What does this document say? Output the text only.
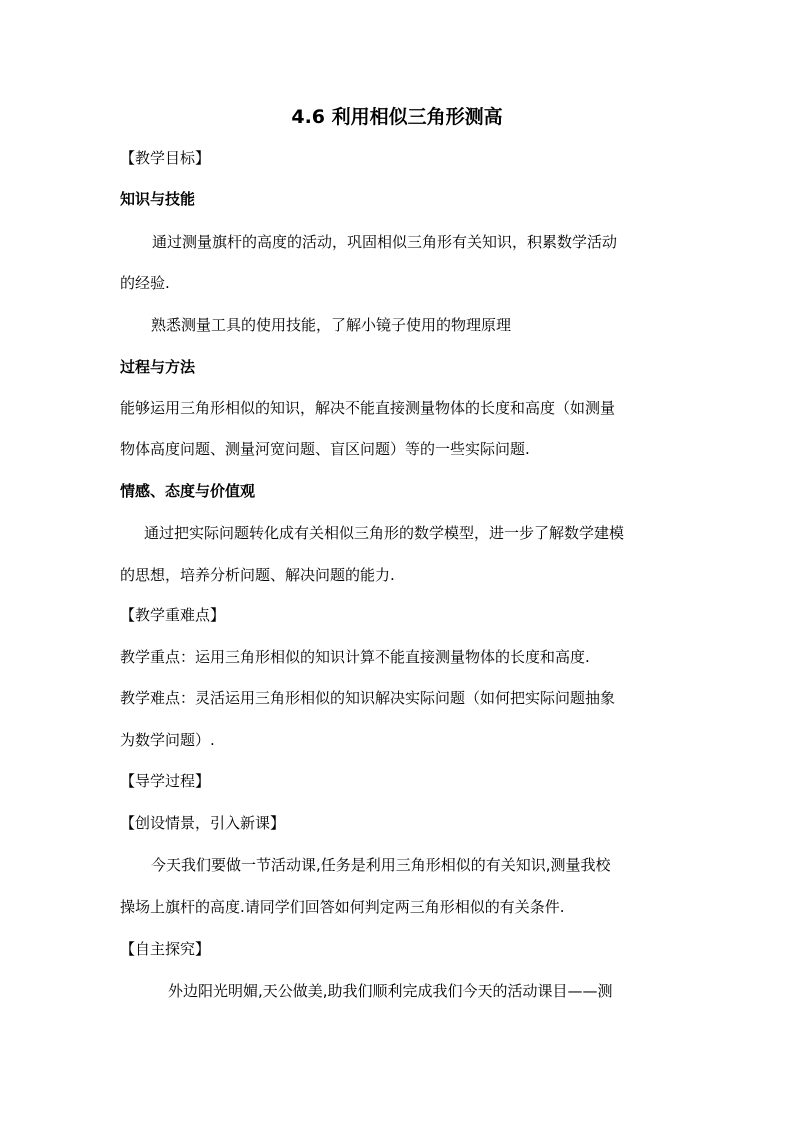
4.6 利用相似三角形测高
【教学目标】
知识与技能
通过测量旗杆的高度的活动，巩固相似三角形有关知识，积累数学活动
的经验.
熟悉测量工具的使用技能，了解小镜子使用的物理原理
过程与方法
能够运用三角形相似的知识，解决不能直接测量物体的长度和高度（如测量
物体高度问题、测量河宽问题、盲区问题）等的一些实际问题.
情感、态度与价值观
通过把实际问题转化成有关相似三角形的数学模型，进一步了解数学建模
的思想，培养分析问题、解决问题的能力.
【教学重难点】
教学重点：运用三角形相似的知识计算不能直接测量物体的长度和高度.
教学难点：灵活运用三角形相似的知识解决实际问题（如何把实际问题抽象
为数学问题）.
【导学过程】
【创设情景，引入新课】
今天我们要做一节活动课,任务是利用三角形相似的有关知识,测量我校
操场上旗杆的高度.请同学们回答如何判定两三角形相似的有关条件.
【自主探究】
外边阳光明媚,天公做美,助我们顺利完成我们今天的活动课目——测
